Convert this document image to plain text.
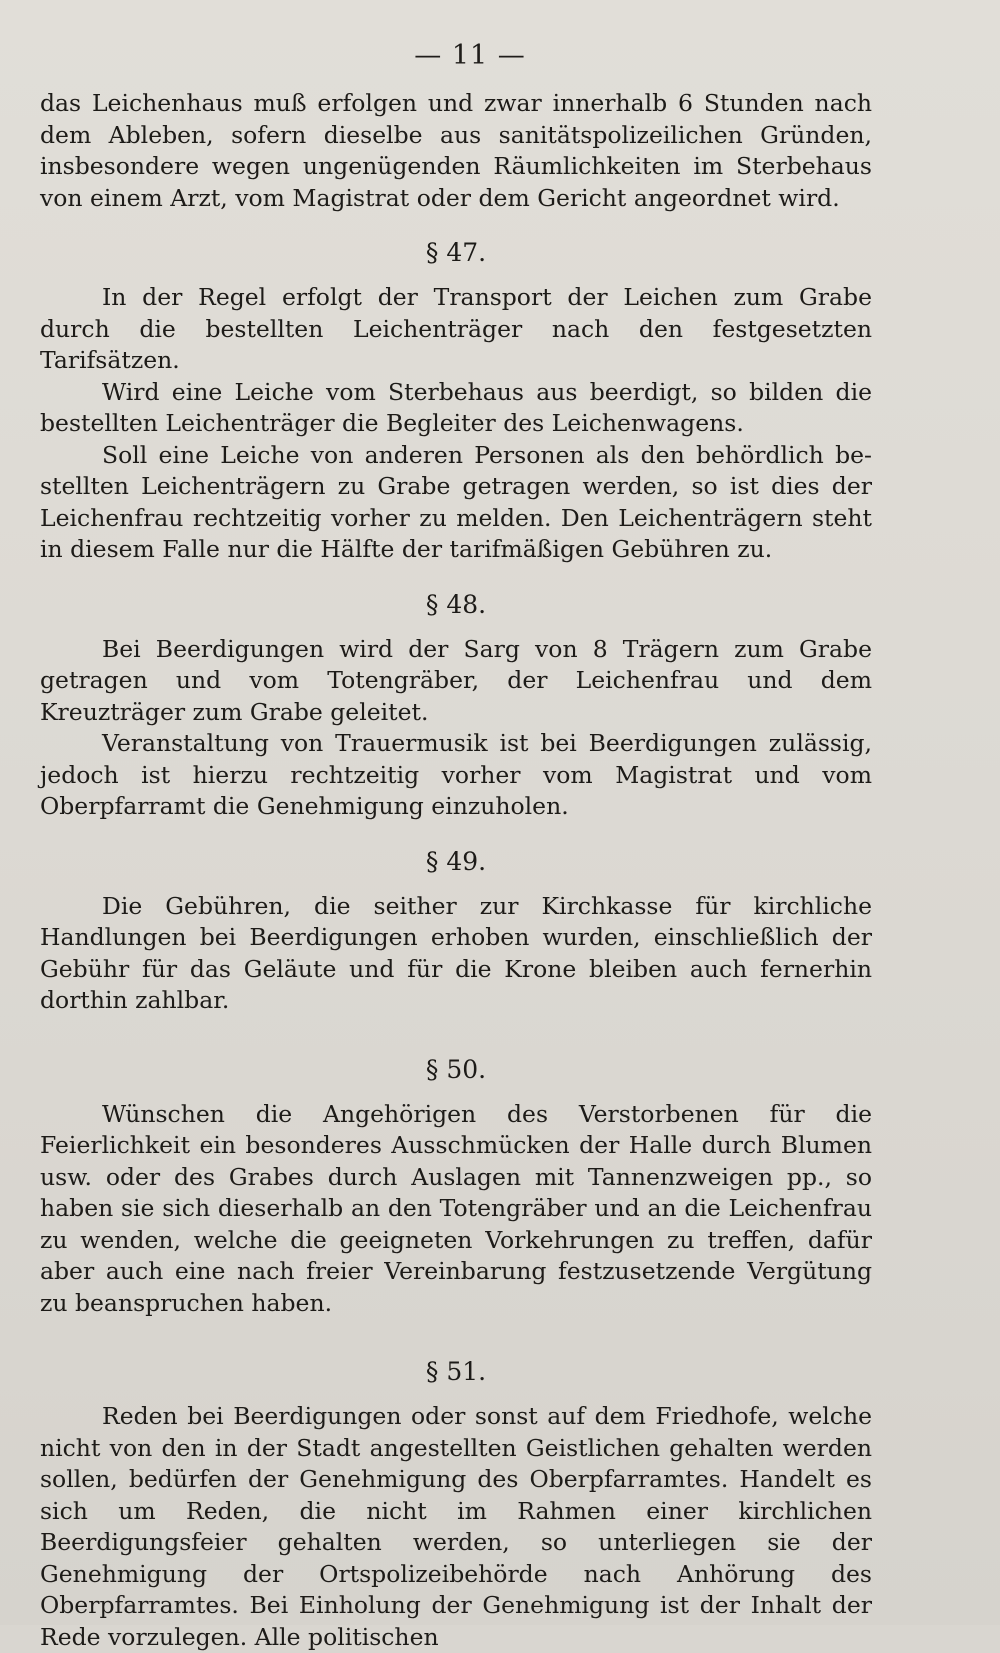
— 11 —

das Leichenhaus muß erfolgen und zwar innerhalb 6 Stunden nach dem Ableben, sofern dieselbe aus sanitätspolizeilichen Gründen, insbesondere wegen ungenügenden Räumlichkeiten im Sterbehaus von einem Arzt, vom Magistrat oder dem Gericht angeordnet wird.

§ 47.

In der Regel erfolgt der Transport der Leichen zum Grabe durch die bestellten Leichenträger nach den festgesetzten Tarifsätzen.

Wird eine Leiche vom Sterbehaus aus beerdigt, so bilden die bestellten Leichenträger die Begleiter des Leichenwagens.

Soll eine Leiche von anderen Personen als den behördlich bestellten Leichenträgern zu Grabe getragen werden, so ist dies der Leichenfrau rechtzeitig vorher zu melden. Den Leichenträgern steht in diesem Falle nur die Hälfte der tarifmäßigen Gebühren zu.

§ 48.

Bei Beerdigungen wird der Sarg von 8 Trägern zum Grabe getragen und vom Totengräber, der Leichenfrau und dem Kreuzträger zum Grabe geleitet.

Veranstaltung von Trauermusik ist bei Beerdigungen zulässig, jedoch ist hierzu rechtzeitig vorher vom Magistrat und vom Oberpfarramt die Genehmigung einzuholen.

§ 49.

Die Gebühren, die seither zur Kirchkasse für kirchliche Handlungen bei Beerdigungen erhoben wurden, einschließlich der Gebühr für das Geläute und für die Krone bleiben auch fernerhin dorthin zahlbar.

§ 50.

Wünschen die Angehörigen des Verstorbenen für die Feierlichkeit ein besonderes Ausschmücken der Halle durch Blumen usw. oder des Grabes durch Auslagen mit Tannenzweigen pp., so haben sie sich dieserhalb an den Totengräber und an die Leichenfrau zu wenden, welche die geeigneten Vorkehrungen zu treffen, dafür aber auch eine nach freier Vereinbarung festzusetzende Vergütung zu beanspruchen haben.

§ 51.

Reden bei Beerdigungen oder sonst auf dem Friedhofe, welche nicht von den in der Stadt angestellten Geistlichen gehalten werden sollen, bedürfen der Genehmigung des Oberpfarramtes. Handelt es sich um Reden, die nicht im Rahmen einer kirchlichen Beerdigungsfeier gehalten werden, so unterliegen sie der Genehmigung der Ortspolizeibehörde nach Anhörung des Oberpfarramtes. Bei Einholung der Genehmigung ist der Inhalt der Rede vorzulegen. Alle politischen
